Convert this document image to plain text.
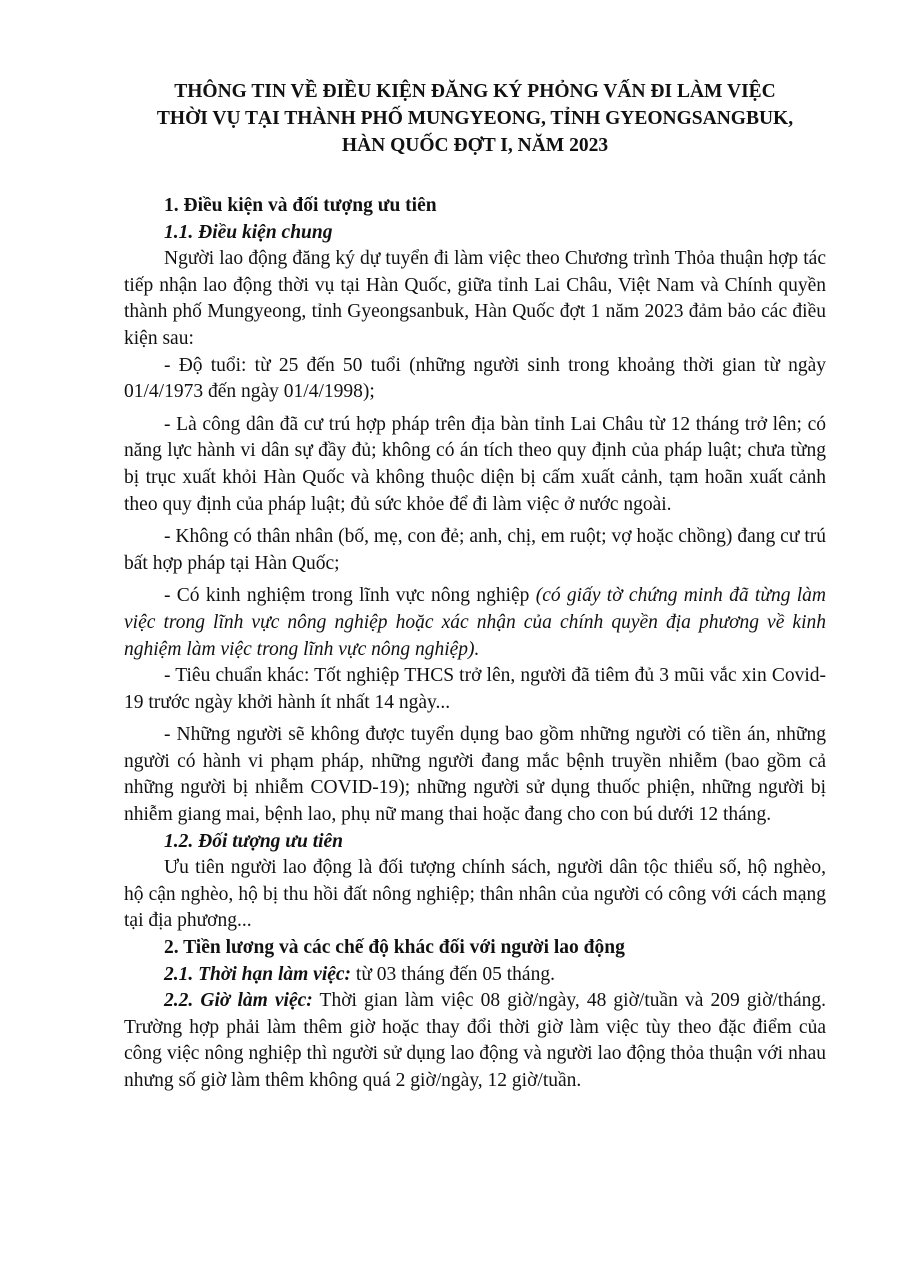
THÔNG TIN VỀ ĐIỀU KIỆN ĐĂNG KÝ PHỎNG VẤN ĐI LÀM VIỆC
THỜI VỤ TẠI THÀNH PHỐ MUNGYEONG, TỈNH GYEONGSANGBUK,
HÀN QUỐC ĐỢT I, NĂM 2023

1. Điều kiện và đối tượng ưu tiên

1.1. Điều kiện chung

Người lao động đăng ký dự tuyển đi làm việc theo Chương trình Thỏa thuận hợp tác tiếp nhận lao động thời vụ tại Hàn Quốc, giữa tỉnh Lai Châu, Việt Nam và Chính quyền thành phố Mungyeong, tỉnh Gyeongsanbuk, Hàn Quốc đợt 1 năm 2023 đảm bảo các điều kiện sau:

- Độ tuổi: từ 25 đến 50 tuổi (những người sinh trong khoảng thời gian từ ngày 01/4/1973 đến ngày 01/4/1998);

- Là công dân đã cư trú hợp pháp trên địa bàn tỉnh Lai Châu từ 12 tháng trở lên; có năng lực hành vi dân sự đầy đủ; không có án tích theo quy định của pháp luật; chưa từng bị trục xuất khỏi Hàn Quốc và không thuộc diện bị cấm xuất cảnh, tạm hoãn xuất cảnh theo quy định của pháp luật; đủ sức khỏe để đi làm việc ở nước ngoài.

- Không có thân nhân (bố, mẹ, con đẻ; anh, chị, em ruột; vợ hoặc chồng) đang cư trú bất hợp pháp tại Hàn Quốc;

- Có kinh nghiệm trong lĩnh vực nông nghiệp (có giấy tờ chứng minh đã từng làm việc trong lĩnh vực nông nghiệp hoặc xác nhận của chính quyền địa phương về kinh nghiệm làm việc trong lĩnh vực nông nghiệp).

- Tiêu chuẩn khác: Tốt nghiệp THCS trở lên, người đã tiêm đủ 3 mũi vắc xin Covid-19 trước ngày khởi hành ít nhất 14 ngày...

- Những người sẽ không được tuyển dụng bao gồm những người có tiền án, những người có hành vi phạm pháp, những người đang mắc bệnh truyền nhiễm (bao gồm cả những người bị nhiễm COVID-19); những người sử dụng thuốc phiện, những người bị nhiễm giang mai, bệnh lao, phụ nữ mang thai hoặc đang cho con bú dưới 12 tháng.

1.2. Đối tượng ưu tiên

Ưu tiên người lao động là đối tượng chính sách, người dân tộc thiểu số, hộ nghèo, hộ cận nghèo, hộ bị thu hồi đất nông nghiệp; thân nhân của người có công với cách mạng tại địa phương...

2. Tiền lương và các chế độ khác đối với người lao động

2.1. Thời hạn làm việc: từ 03 tháng đến 05 tháng.

2.2. Giờ làm việc: Thời gian làm việc 08 giờ/ngày, 48 giờ/tuần và 209 giờ/tháng. Trường hợp phải làm thêm giờ hoặc thay đổi thời giờ làm việc tùy theo đặc điểm của công việc nông nghiệp thì người sử dụng lao động và người lao động thỏa thuận với nhau nhưng số giờ làm thêm không quá 2 giờ/ngày, 12 giờ/tuần.
